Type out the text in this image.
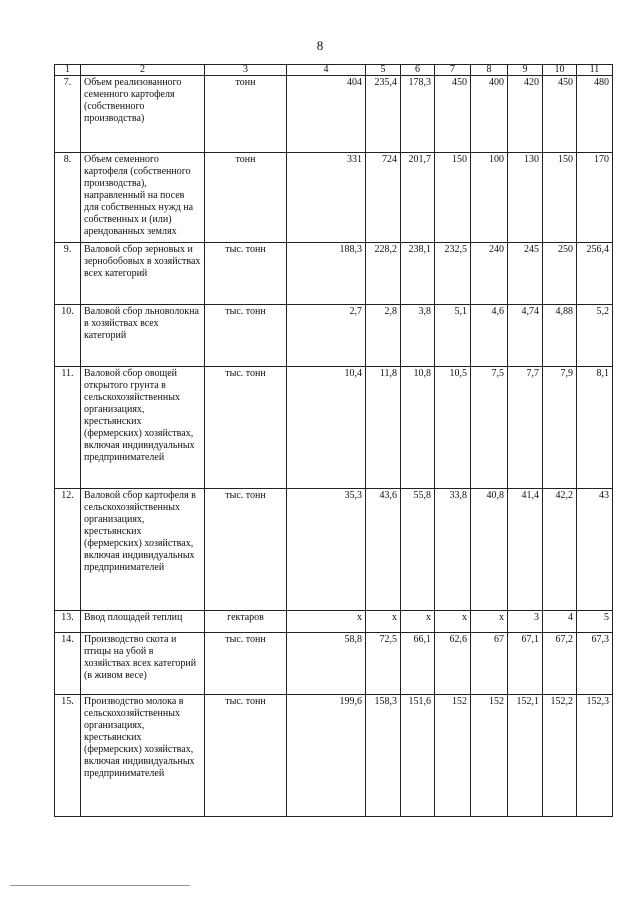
8
1	2	3	4	5	6	7	8	9	10	11
7.	Объем реализованного семенного картофеля (собственного производства)	тонн	404	235,4	178,3	450	400	420	450	480
8.	Объем семенного картофеля (собственного производства), направленный на посев для собственных нужд на собственных и (или) арендованных землях	тонн	331	724	201,7	150	100	130	150	170
9.	Валовой сбор зерновых и зернобобовых в хозяйствах всех категорий	тыс. тонн	188,3	228,2	238,1	232,5	240	245	250	256,4
10.	Валовой сбор льноволокна в хозяйствах всех категорий	тыс. тонн	2,7	2,8	3,8	5,1	4,6	4,74	4,88	5,2
11.	Валовой сбор овощей открытого грунта в сельскохозяйственных организациях, крестьянских (фермерских) хозяйствах, включая индивидуальных предпринимателей	тыс. тонн	10,4	11,8	10,8	10,5	7,5	7,7	7,9	8,1
12.	Валовой сбор картофеля в сельскохозяйственных организациях, крестьянских (фермерских) хозяйствах, включая индивидуальных предпринимателей	тыс. тонн	35,3	43,6	55,8	33,8	40,8	41,4	42,2	43
13.	Ввод площадей теплиц	гектаров	х	х	х	х	х	3	4	5
14.	Производство скота и птицы на убой в хозяйствах всех категорий (в живом весе)	тыс. тонн	58,8	72,5	66,1	62,6	67	67,1	67,2	67,3
15.	Производство молока в сельскохозяйственных организациях, крестьянских (фермерских) хозяйствах, включая индивидуальных предпринимателей	тыс. тонн	199,6	158,3	151,6	152	152	152,1	152,2	152,3
